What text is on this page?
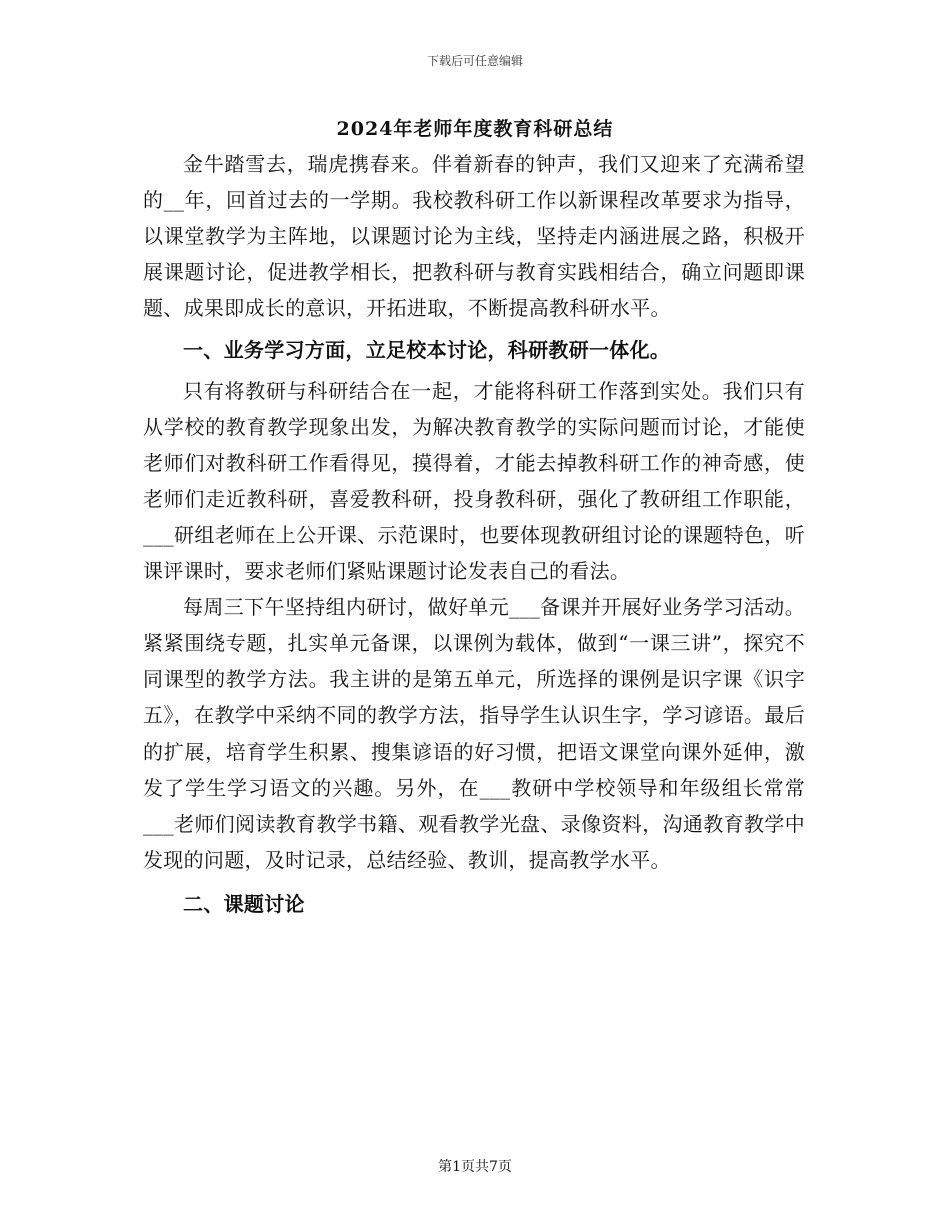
下载后可任意编辑
2024年老师年度教育科研总结

金牛踏雪去，瑞虎携春来。伴着新春的钟声，我们又迎来了充满希望的__年，回首过去的一学期。我校教科研工作以新课程改革要求为指导，以课堂教学为主阵地，以课题讨论为主线，坚持走内涵进展之路，积极开展课题讨论，促进教学相长，把教科研与教育实践相结合，确立问题即课题、成果即成长的意识，开拓进取，不断提高教科研水平。

一、业务学习方面，立足校本讨论，科研教研一体化。

只有将教研与科研结合在一起，才能将科研工作落到实处。我们只有从学校的教育教学现象出发，为解决教育教学的实际问题而讨论，才能使老师们对教科研工作看得见，摸得着，才能去掉教科研工作的神奇感，使老师们走近教科研，喜爱教科研，投身教科研，强化了教研组工作职能，___研组老师在上公开课、示范课时，也要体现教研组讨论的课题特色，听课评课时，要求老师们紧贴课题讨论发表自己的看法。

每周三下午坚持组内研讨，做好单元___备课并开展好业务学习活动。紧紧围绕专题，扎实单元备课，以课例为载体，做到“一课三讲”，探究不同课型的教学方法。我主讲的是第五单元，所选择的课例是识字课《识字五》，在教学中采纳不同的教学方法，指导学生认识生字，学习谚语。最后的扩展，培育学生积累、搜集谚语的好习惯，把语文课堂向课外延伸，激发了学生学习语文的兴趣。另外，在___教研中学校领导和年级组长常常___老师们阅读教育教学书籍、观看教学光盘、录像资料，沟通教育教学中发现的问题，及时记录，总结经验、教训，提高教学水平。

二、课题讨论

第1页共7页
